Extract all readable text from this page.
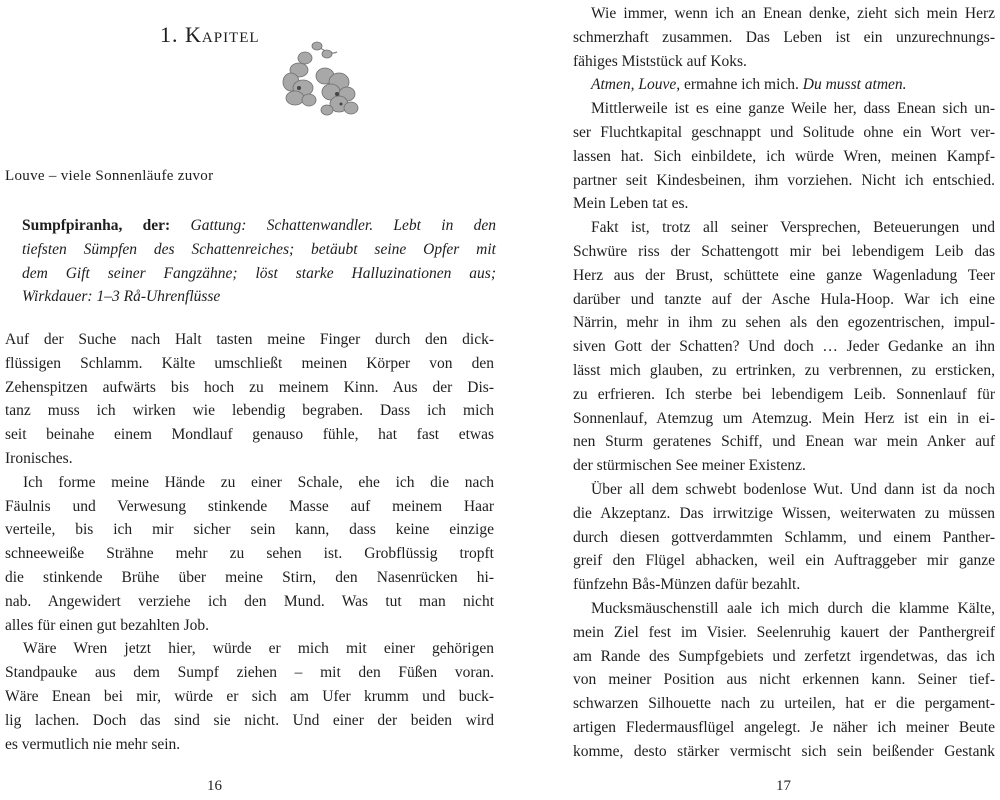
1. Kapitel
Louve – viele Sonnenläufe zuvor
Sumpfpiranha, der: Gattung: Schattenwandler. Lebt in den
tiefsten Sümpfen des Schattenreiches; betäubt seine Opfer mit
dem Gift seiner Fangzähne; löst starke Halluzinationen aus;
Wirkdauer: 1–3 Rå-Uhrenflüsse
Auf der Suche nach Halt tasten meine Finger durch den dick-
flüssigen Schlamm. Kälte umschließt meinen Körper von den
Zehenspitzen aufwärts bis hoch zu meinem Kinn. Aus der Dis-
tanz muss ich wirken wie lebendig begraben. Dass ich mich
seit beinahe einem Mondlauf genauso fühle, hat fast etwas
Ironisches.
Ich forme meine Hände zu einer Schale, ehe ich die nach
Fäulnis und Verwesung stinkende Masse auf meinem Haar
verteile, bis ich mir sicher sein kann, dass keine einzige
schneeweiße Strähne mehr zu sehen ist. Grobflüssig tropft
die stinkende Brühe über meine Stirn, den Nasenrücken hi-
nab. Angewidert verziehe ich den Mund. Was tut man nicht
alles für einen gut bezahlten Job.
Wäre Wren jetzt hier, würde er mich mit einer gehörigen
Standpauke aus dem Sumpf ziehen – mit den Füßen voran.
Wäre Enean bei mir, würde er sich am Ufer krumm und buck-
lig lachen. Doch das sind sie nicht. Und einer der beiden wird
es vermutlich nie mehr sein.
16
Wie immer, wenn ich an Enean denke, zieht sich mein Herz
schmerzhaft zusammen. Das Leben ist ein unzurechnungs-
fähiges Miststück auf Koks.
Atmen, Louve, ermahne ich mich. Du musst atmen.
Mittlerweile ist es eine ganze Weile her, dass Enean sich un-
ser Fluchtkapital geschnappt und Solitude ohne ein Wort ver-
lassen hat. Sich einbildete, ich würde Wren, meinen Kampf-
partner seit Kindesbeinen, ihm vorziehen. Nicht ich entschied.
Mein Leben tat es.
Fakt ist, trotz all seiner Versprechen, Beteuerungen und
Schwüre riss der Schattengott mir bei lebendigem Leib das
Herz aus der Brust, schüttete eine ganze Wagenladung Teer
darüber und tanzte auf der Asche Hula-Hoop. War ich eine
Närrin, mehr in ihm zu sehen als den egozentrischen, impul-
siven Gott der Schatten? Und doch … Jeder Gedanke an ihn
lässt mich glauben, zu ertrinken, zu verbrennen, zu ersticken,
zu erfrieren. Ich sterbe bei lebendigem Leib. Sonnenlauf für
Sonnenlauf, Atemzug um Atemzug. Mein Herz ist ein in ei-
nen Sturm geratenes Schiff, und Enean war mein Anker auf
der stürmischen See meiner Existenz.
Über all dem schwebt bodenlose Wut. Und dann ist da noch
die Akzeptanz. Das irrwitzige Wissen, weiterwaten zu müssen
durch diesen gottverdammten Schlamm, und einem Panther-
greif den Flügel abhacken, weil ein Auftraggeber mir ganze
fünfzehn Bås-Münzen dafür bezahlt.
Mucksmäuschenstill aale ich mich durch die klamme Kälte,
mein Ziel fest im Visier. Seelenruhig kauert der Panthergreif
am Rande des Sumpfgebiets und zerfetzt irgendetwas, das ich
von meiner Position aus nicht erkennen kann. Seiner tief-
schwarzen Silhouette nach zu urteilen, hat er die pergament-
artigen Fledermausflügel angelegt. Je näher ich meiner Beute
komme, desto stärker vermischt sich sein beißender Gestank
17
